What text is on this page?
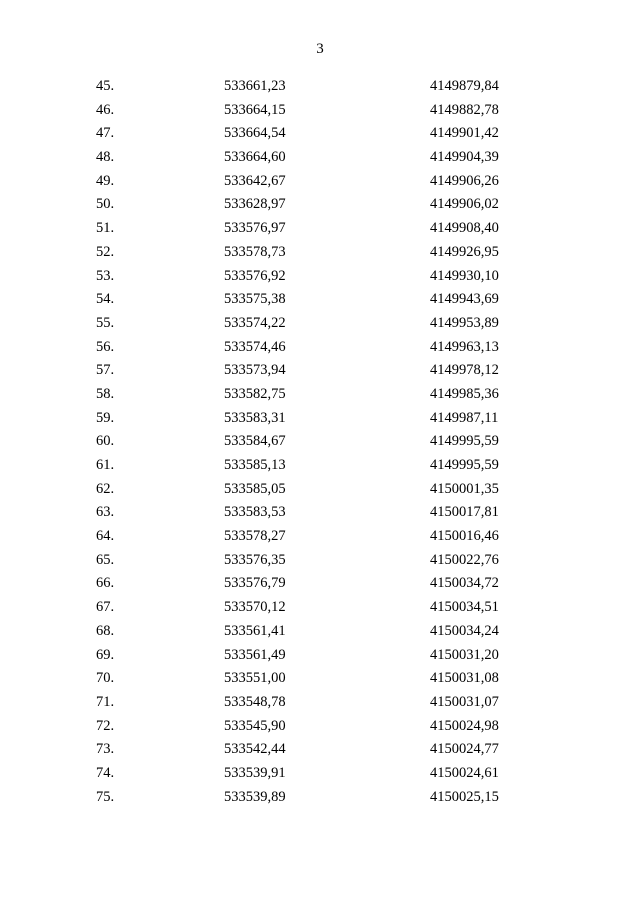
3
45.	533661,23	4149879,84
46.	533664,15	4149882,78
47.	533664,54	4149901,42
48.	533664,60	4149904,39
49.	533642,67	4149906,26
50.	533628,97	4149906,02
51.	533576,97	4149908,40
52.	533578,73	4149926,95
53.	533576,92	4149930,10
54.	533575,38	4149943,69
55.	533574,22	4149953,89
56.	533574,46	4149963,13
57.	533573,94	4149978,12
58.	533582,75	4149985,36
59.	533583,31	4149987,11
60.	533584,67	4149995,59
61.	533585,13	4149995,59
62.	533585,05	4150001,35
63.	533583,53	4150017,81
64.	533578,27	4150016,46
65.	533576,35	4150022,76
66.	533576,79	4150034,72
67.	533570,12	4150034,51
68.	533561,41	4150034,24
69.	533561,49	4150031,20
70.	533551,00	4150031,08
71.	533548,78	4150031,07
72.	533545,90	4150024,98
73.	533542,44	4150024,77
74.	533539,91	4150024,61
75.	533539,89	4150025,15
